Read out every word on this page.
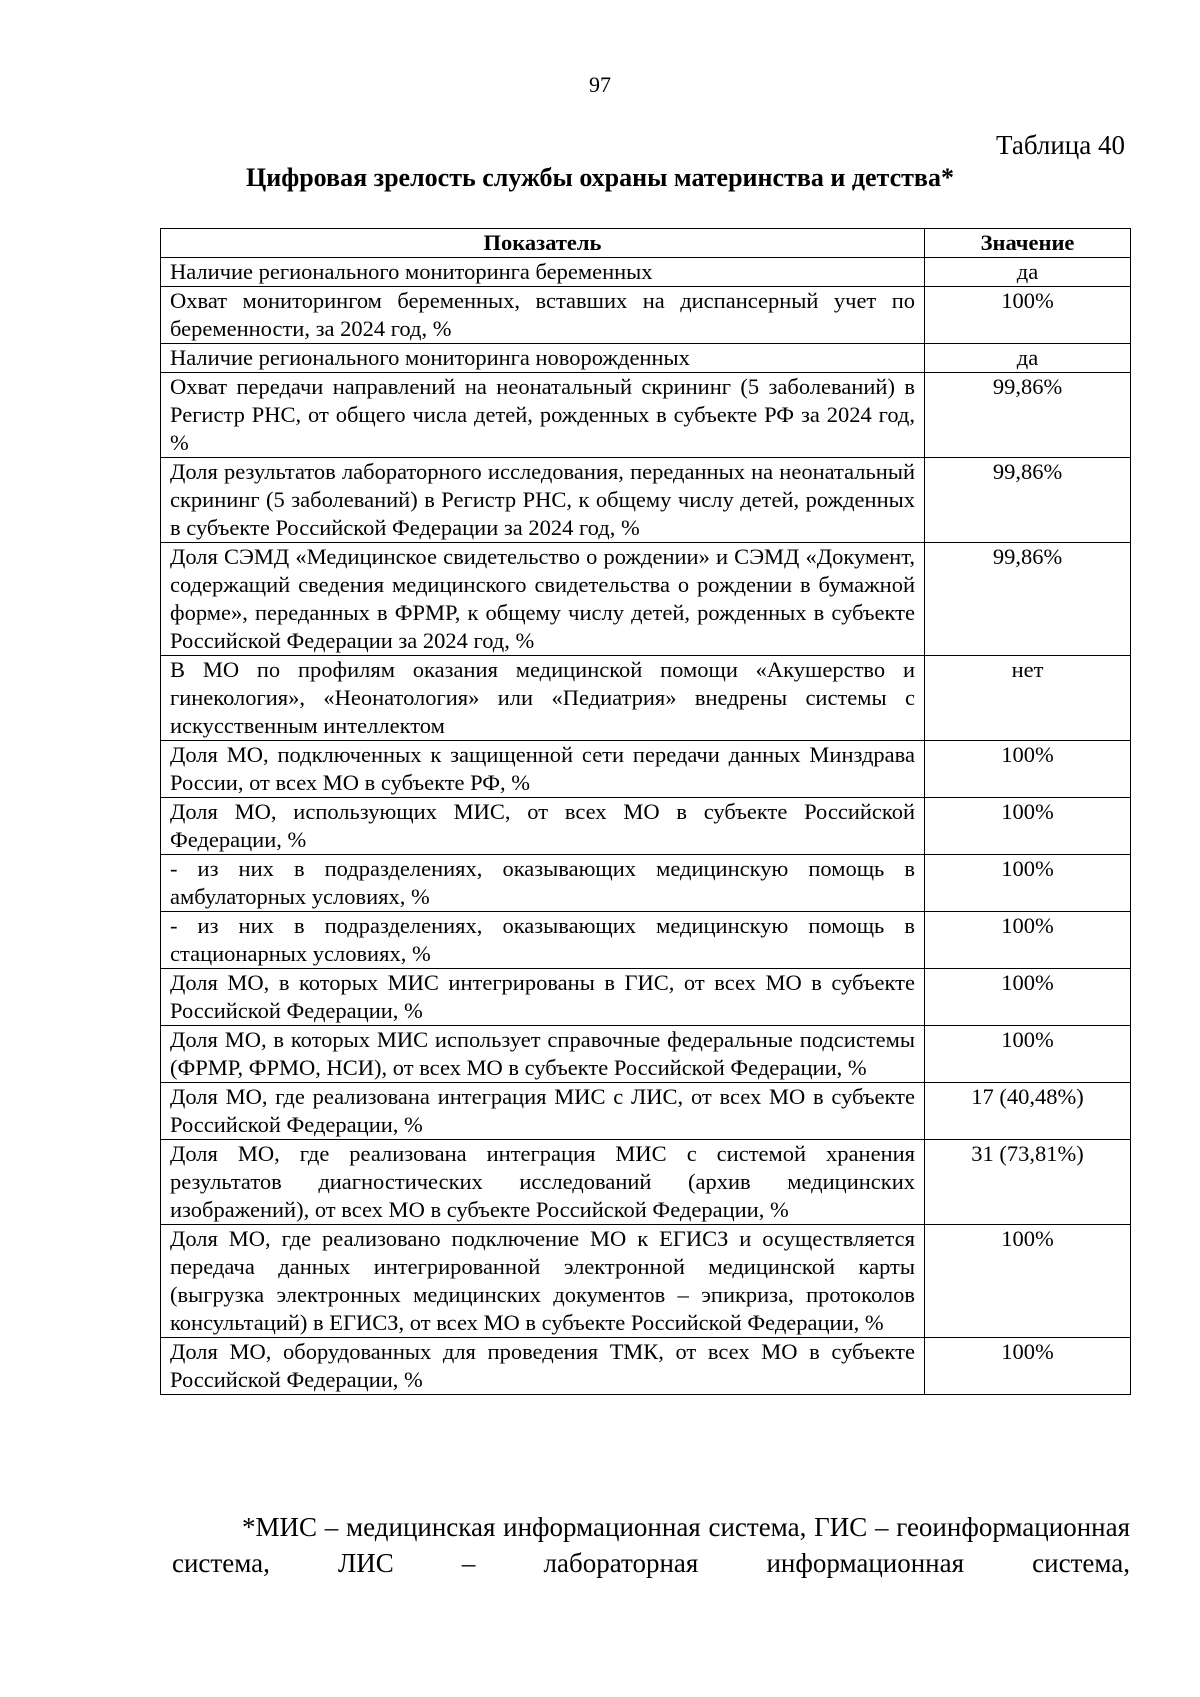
97
Таблица 40
Цифровая зрелость службы охраны материнства и детства*
Показатель	Значение
Наличие регионального мониторинга беременных	да
Охват мониторингом беременных, вставших на диспансерный учет по беременности, за 2024 год, %	100%
Наличие регионального мониторинга новорожденных	да
Охват передачи направлений на неонатальный скрининг (5 заболеваний) в Регистр РНС, от общего числа детей, рожденных в субъекте РФ за 2024 год, %	99,86%
Доля результатов лабораторного исследования, переданных на неонатальный скрининг (5 заболеваний) в Регистр РНС, к общему числу детей, рожденных в субъекте Российской Федерации за 2024 год, %	99,86%
Доля СЭМД «Медицинское свидетельство о рождении» и СЭМД «Документ, содержащий сведения медицинского свидетельства о рождении в бумажной форме», переданных в ФРМР, к общему числу детей, рожденных в субъекте Российской Федерации за 2024 год, %	99,86%
В МО по профилям оказания медицинской помощи «Акушерство и гинекология», «Неонатология» или «Педиатрия» внедрены системы с искусственным интеллектом	нет
Доля МО, подключенных к защищенной сети передачи данных Минздрава России, от всех МО в субъекте РФ, %	100%
Доля МО, использующих МИС, от всех МО в субъекте Российской Федерации, %	100%
- из них в подразделениях, оказывающих медицинскую помощь в амбулаторных условиях, %	100%
- из них в подразделениях, оказывающих медицинскую помощь в стационарных условиях, %	100%
Доля МО, в которых МИС интегрированы в ГИС, от всех МО в субъекте Российской Федерации, %	100%
Доля МО, в которых МИС использует справочные федеральные подсистемы (ФРМР, ФРМО, НСИ), от всех МО в субъекте Российской Федерации, %	100%
Доля МО, где реализована интеграция МИС с ЛИС, от всех МО в субъекте Российской Федерации, %	17 (40,48%)
Доля МО, где реализована интеграция МИС с системой хранения результатов диагностических исследований (архив медицинских изображений), от всех МО в субъекте Российской Федерации, %	31 (73,81%)
Доля МО, где реализовано подключение МО к ЕГИСЗ и осуществляется передача данных интегрированной электронной медицинской карты (выгрузка электронных медицинских документов – эпикриза, протоколов консультаций) в ЕГИСЗ, от всех МО в субъекте Российской Федерации, %	100%
Доля МО, оборудованных для проведения ТМК, от всех МО в субъекте Российской Федерации, %	100%
*МИС – медицинская информационная система, ГИС – геоинформационная система, ЛИС – лабораторная информационная система,
